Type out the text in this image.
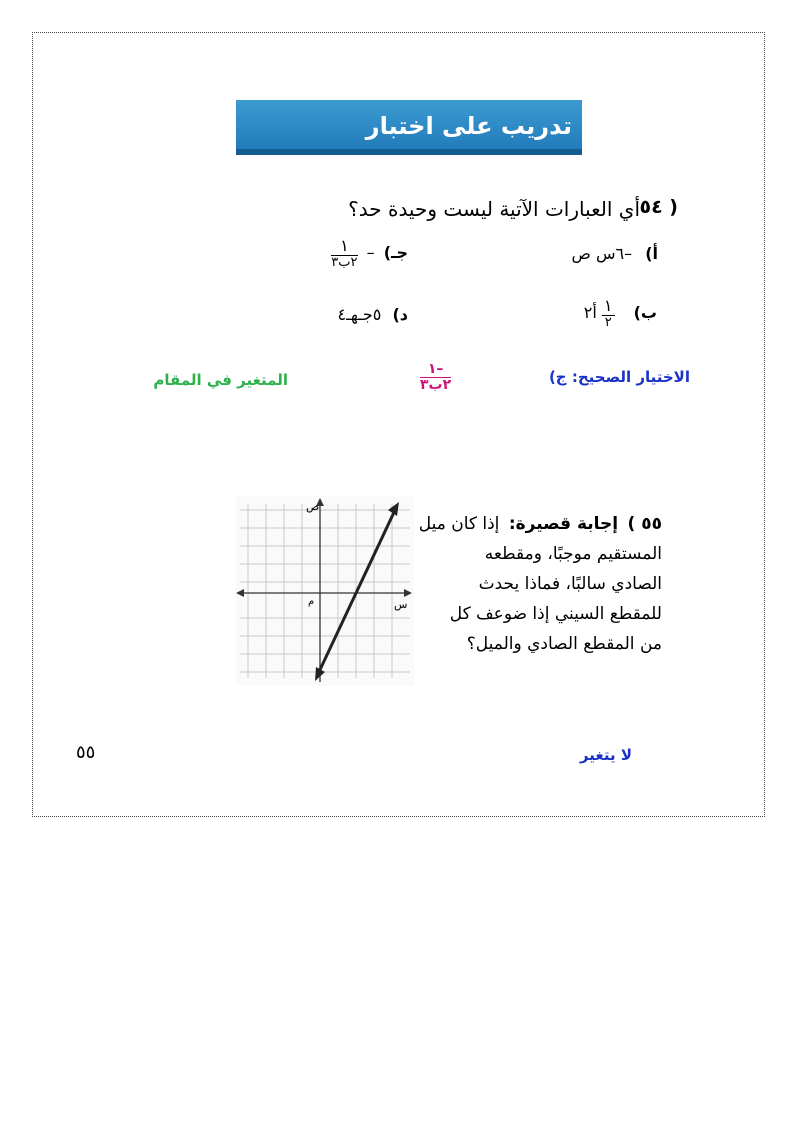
تدريب على اختبار
٥٤ )
أي العبارات الآتية ليست وحيدة حد؟
أ) –٦س ص
جـ) –
$\frac{١}{\text{٢ب٣}}$
ب)
$\frac{١}{٢}$
أ٢
د) ٥جـهـ٤
الاختيار الصحيح: ج)
١–
٢ب٣
المتغير في المقام
٥٥ ) إجابة قصيرة: إذا كان ميل
المستقيم موجبًا، ومقطعه
الصادي سالبًا، فماذا يحدث
للمقطع السيني إذا ضوعف كل
من المقطع الصادي والميل؟
ص
س
م
لا يتغير
٥٥
